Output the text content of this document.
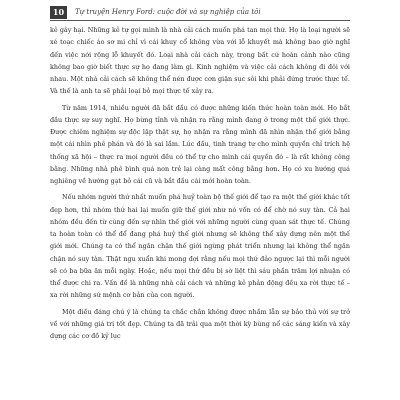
10	Tự truyện Henry Ford: cuộc đời và sự nghiệp của tôi

kẻ gây hại. Những kẻ tự gọi mình là nhà cải cách muốn phá tan mọi thứ. Họ là loại người sẽ xé toạc chiếc áo sơ mi chỉ vì cái khuy cổ không vừa với lỗ khuyết mà không bao giờ nghĩ đến việc nới rộng lỗ khuyết đó. Loại nhà cải cách này, trong bất cứ hoàn cảnh nào cũng không bao giờ biết thực sự họ đang làm gì. Kinh nghiệm và việc cải cách không đi đôi với nhau. Một nhà cải cách sẽ không thể nén được cơn giận sục sôi khi phải đứng trước thực tế. Và thế là anh ta sẽ phải loại bỏ mọi thực tế xảy ra.

Từ năm 1914, nhiều người đã bắt đầu có được những kiến thức hoàn toàn mới. Họ bắt đầu thực sự suy nghĩ. Họ bừng tỉnh và nhận ra rằng mình đang ở trong một thế giới thực. Được chiêm nghiệm sự độc lập thật sự, họ nhận ra rằng mình đã nhìn nhận thế giới bằng một cái nhìn phê phán và đó là sai lầm. Lúc đầu, tinh trạng tự cho mình quyền chỉ trích hệ thống xã hội – thực ra mọi người đều có thể tự cho mình cái quyền đó – là rất không công bằng. Những nhà phê bình quá non trẻ lại càng mất công bằng hơn. Họ có xu hướng quá nghiêng về hướng gạt bỏ cái cũ và bắt đầu cái mới hoàn toàn.

Nếu nhóm người thứ nhất muốn phá huỷ toàn bộ thế giới để tạo ra một thế giới khác tốt đẹp hơn, thì nhóm thứ hai lại muốn giữ thế giới như nó vốn có để chờ nó suy tàn. Cả hai nhóm đều đến từ cùng đến sự nhìn thế giới với những người cùng quan sát thực tế. Chúng ta hoàn toàn có thể để đang phá huỷ thế giới nhưng sẽ không thể xây dựng nên một thế giới mới. Chúng ta có thể ngăn chặn thế giới ngừng phát triển nhưng lại không thể ngăn chặn nó suy tàn. Thật ngu xuẩn khi mong đợi rằng nếu mọi thứ đảo ngược lại thì mỗi người sẽ có ba bữa ăn mỗi ngày. Hoặc, nếu mọi thứ đều bị sờ liệt thì sáu phần trăm lợi nhuận có thể được chi ra. Vấn đề là những nhà cải cách và những kẻ phản động đều xa rời thực tế – xa rời những sứ mệnh cơ bản của con người.

Một điều đáng chú ý là chúng ta chắc chắn không được nhầm lẫn sự bảo thủ với sự trở về với những giá trị tốt đẹp. Chúng ta đã trải qua một thời kỳ bùng nổ các sáng kiến và xây dựng các cơ đồ kỷ lục
